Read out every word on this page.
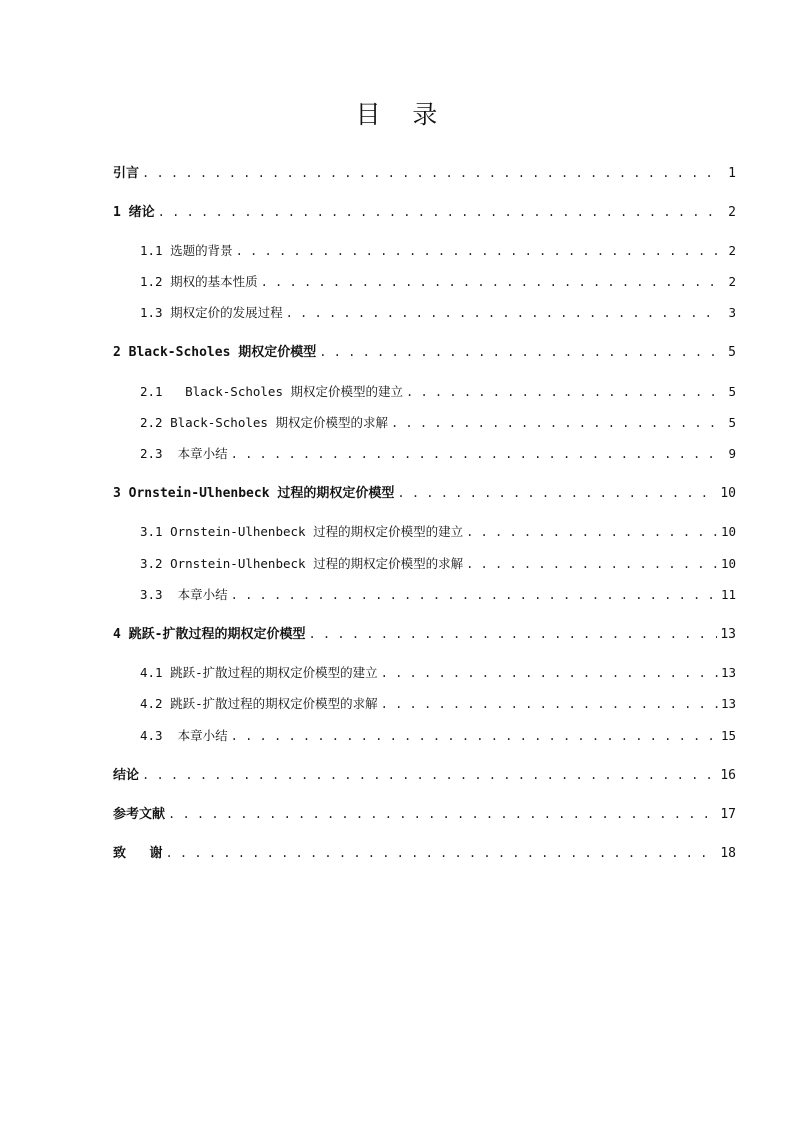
目    录
引言 . . .	1
1 绪论 . . .	2
1.1 选题的背景 . . .	2
1.2 期权的基本性质 . . .	2
1.3 期权定价的发展过程 . . .	3
2 Black-Scholes 期权定价模型 . . .	5
2.1   Black-Scholes 期权定价模型的建立 . . .	5
2.2 Black-Scholes 期权定价模型的求解 . . .	5
2.3  本章小结 . . .	9
3 Ornstein-Ulhenbeck 过程的期权定价模型 . . .	10
3.1 Ornstein-Ulhenbeck 过程的期权定价模型的建立 . . .	10
3.2 Ornstein-Ulhenbeck 过程的期权定价模型的求解 . . .	10
3.3  本章小结 . . .	11
4 跳跃-扩散过程的期权定价模型 . . .	13
4.1 跳跃-扩散过程的期权定价模型的建立 . . .	13
4.2 跳跃-扩散过程的期权定价模型的求解 . . .	13
4.3  本章小结 . . .	15
结论 . . .	16
参考文献 . . .	17
致   谢 . . .	18
